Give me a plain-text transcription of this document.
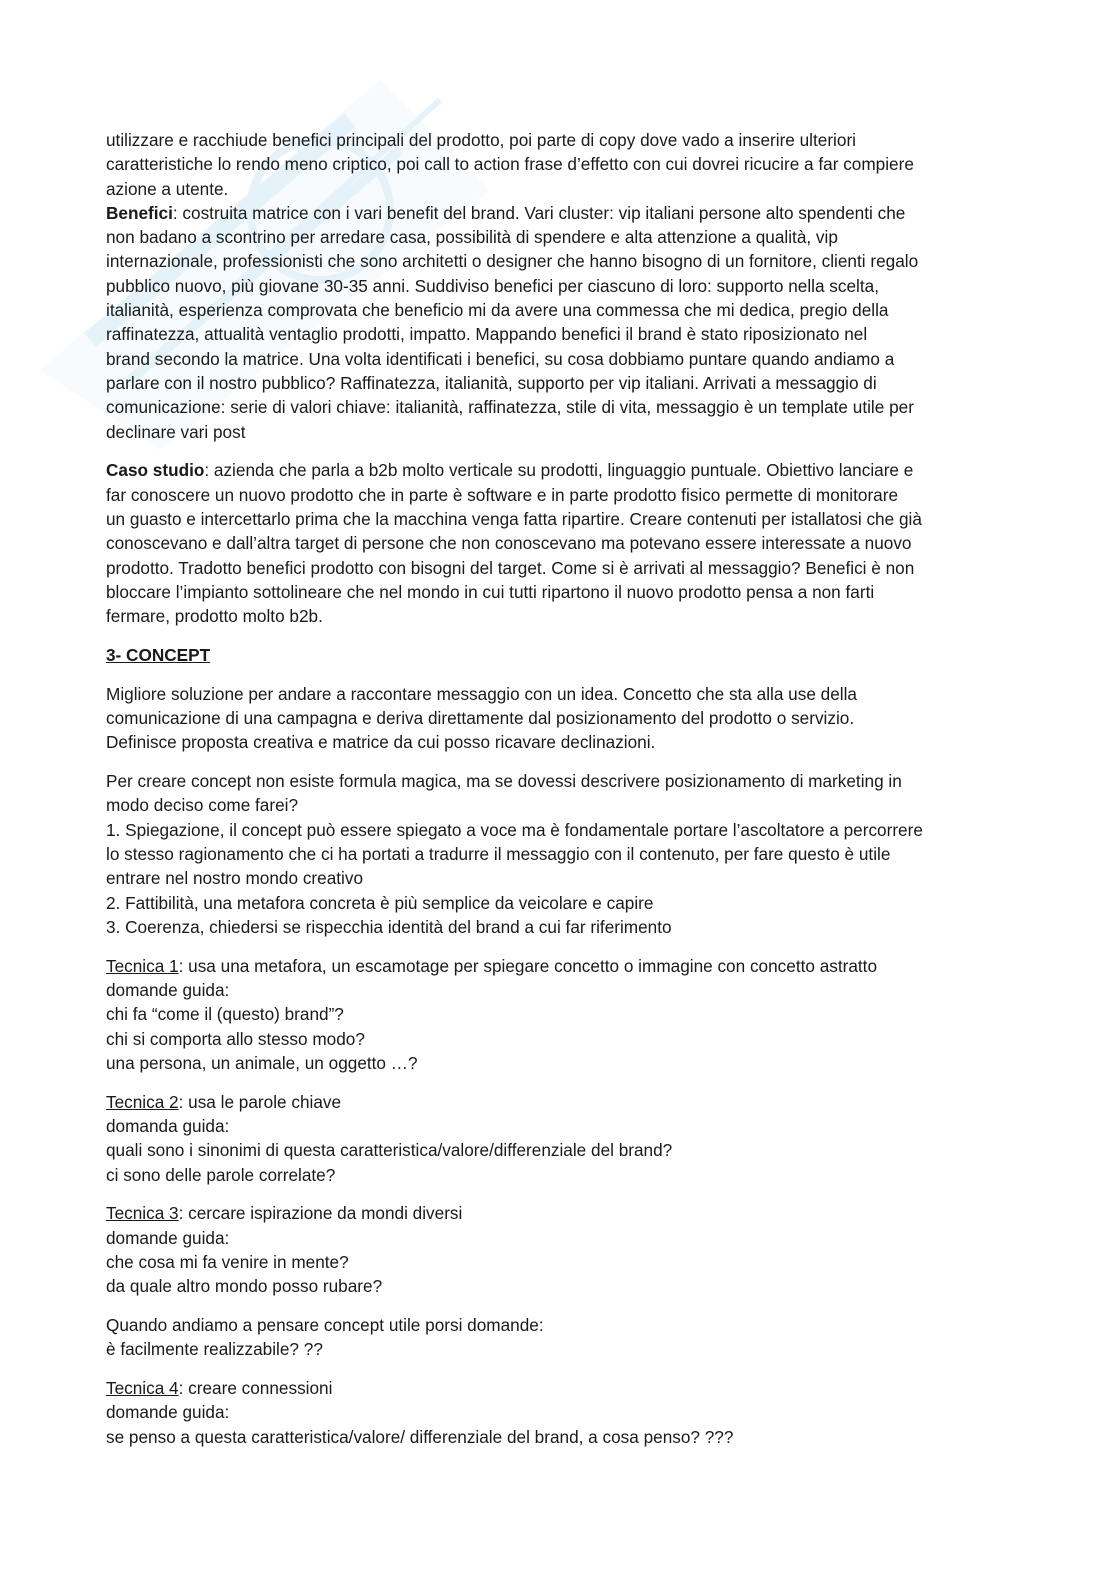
utilizzare e racchiude benefici principali del prodotto, poi parte di copy dove vado a inserire ulteriori
caratteristiche lo rendo meno criptico, poi call to action frase d’effetto con cui dovrei ricucire a far compiere
azione a utente.

Benefici: costruita matrice con i vari benefit del brand. Vari cluster: vip italiani persone alto spendenti che
non badano a scontrino per arredare casa, possibilità di spendere e alta attenzione a qualità, vip
internazionale, professionisti che sono architetti o designer che hanno bisogno di un fornitore, clienti regalo
pubblico nuovo, più giovane 30-35 anni. Suddiviso benefici per ciascuno di loro: supporto nella scelta,
italianità, esperienza comprovata che beneficio mi da avere una commessa che mi dedica, pregio della
raffinatezza, attualità ventaglio prodotti, impatto. Mappando benefici il brand è stato riposizionato nel
brand secondo la matrice. Una volta identificati i benefici, su cosa dobbiamo puntare quando andiamo a
parlare con il nostro pubblico? Raffinatezza, italianità, supporto per vip italiani. Arrivati a messaggio di
comunicazione: serie di valori chiave: italianità, raffinatezza, stile di vita, messaggio è un template utile per
declinare vari post

Caso studio: azienda che parla a b2b molto verticale su prodotti, linguaggio puntuale. Obiettivo lanciare e
far conoscere un nuovo prodotto che in parte è software e in parte prodotto fisico permette di monitorare
un guasto e intercettarlo prima che la macchina venga fatta ripartire. Creare contenuti per istallatosi che già
conoscevano e dall’altra target di persone che non conoscevano ma potevano essere interessate a nuovo
prodotto. Tradotto benefici prodotto con bisogni del target. Come si è arrivati al messaggio? Benefici è non
bloccare l’impianto sottolineare che nel mondo in cui tutti ripartono il nuovo prodotto pensa a non farti
fermare, prodotto molto b2b.

3- CONCEPT

Migliore soluzione per andare a raccontare messaggio con un idea. Concetto che sta alla use della
comunicazione di una campagna e deriva direttamente dal posizionamento del prodotto o servizio.
Definisce proposta creativa e matrice da cui posso ricavare declinazioni.

Per creare concept non esiste formula magica, ma se dovessi descrivere posizionamento di marketing in
modo deciso come farei?
1. Spiegazione, il concept può essere spiegato a voce ma è fondamentale portare l’ascoltatore a percorrere
lo stesso ragionamento che ci ha portati a tradurre il messaggio con il contenuto, per fare questo è utile
entrare nel nostro mondo creativo
2. Fattibilità, una metafora concreta è più semplice da veicolare e capire
3. Coerenza, chiedersi se rispecchia identità del brand a cui far riferimento

Tecnica 1: usa una metafora, un escamotage per spiegare concetto o immagine con concetto astratto
domande guida:
chi fa “come il (questo) brand”?
chi si comporta allo stesso modo?
una persona, un animale, un oggetto …?

Tecnica 2: usa le parole chiave
domanda guida:
quali sono i sinonimi di questa caratteristica/valore/differenziale del brand?
ci sono delle parole correlate?

Tecnica 3: cercare ispirazione da mondi diversi
domande guida:
che cosa mi fa venire in mente?
da quale altro mondo posso rubare?

Quando andiamo a pensare concept utile porsi domande:
è facilmente realizzabile? ??

Tecnica 4: creare connessioni
domande guida:
se penso a questa caratteristica/valore/ differenziale del brand, a cosa penso? ???
